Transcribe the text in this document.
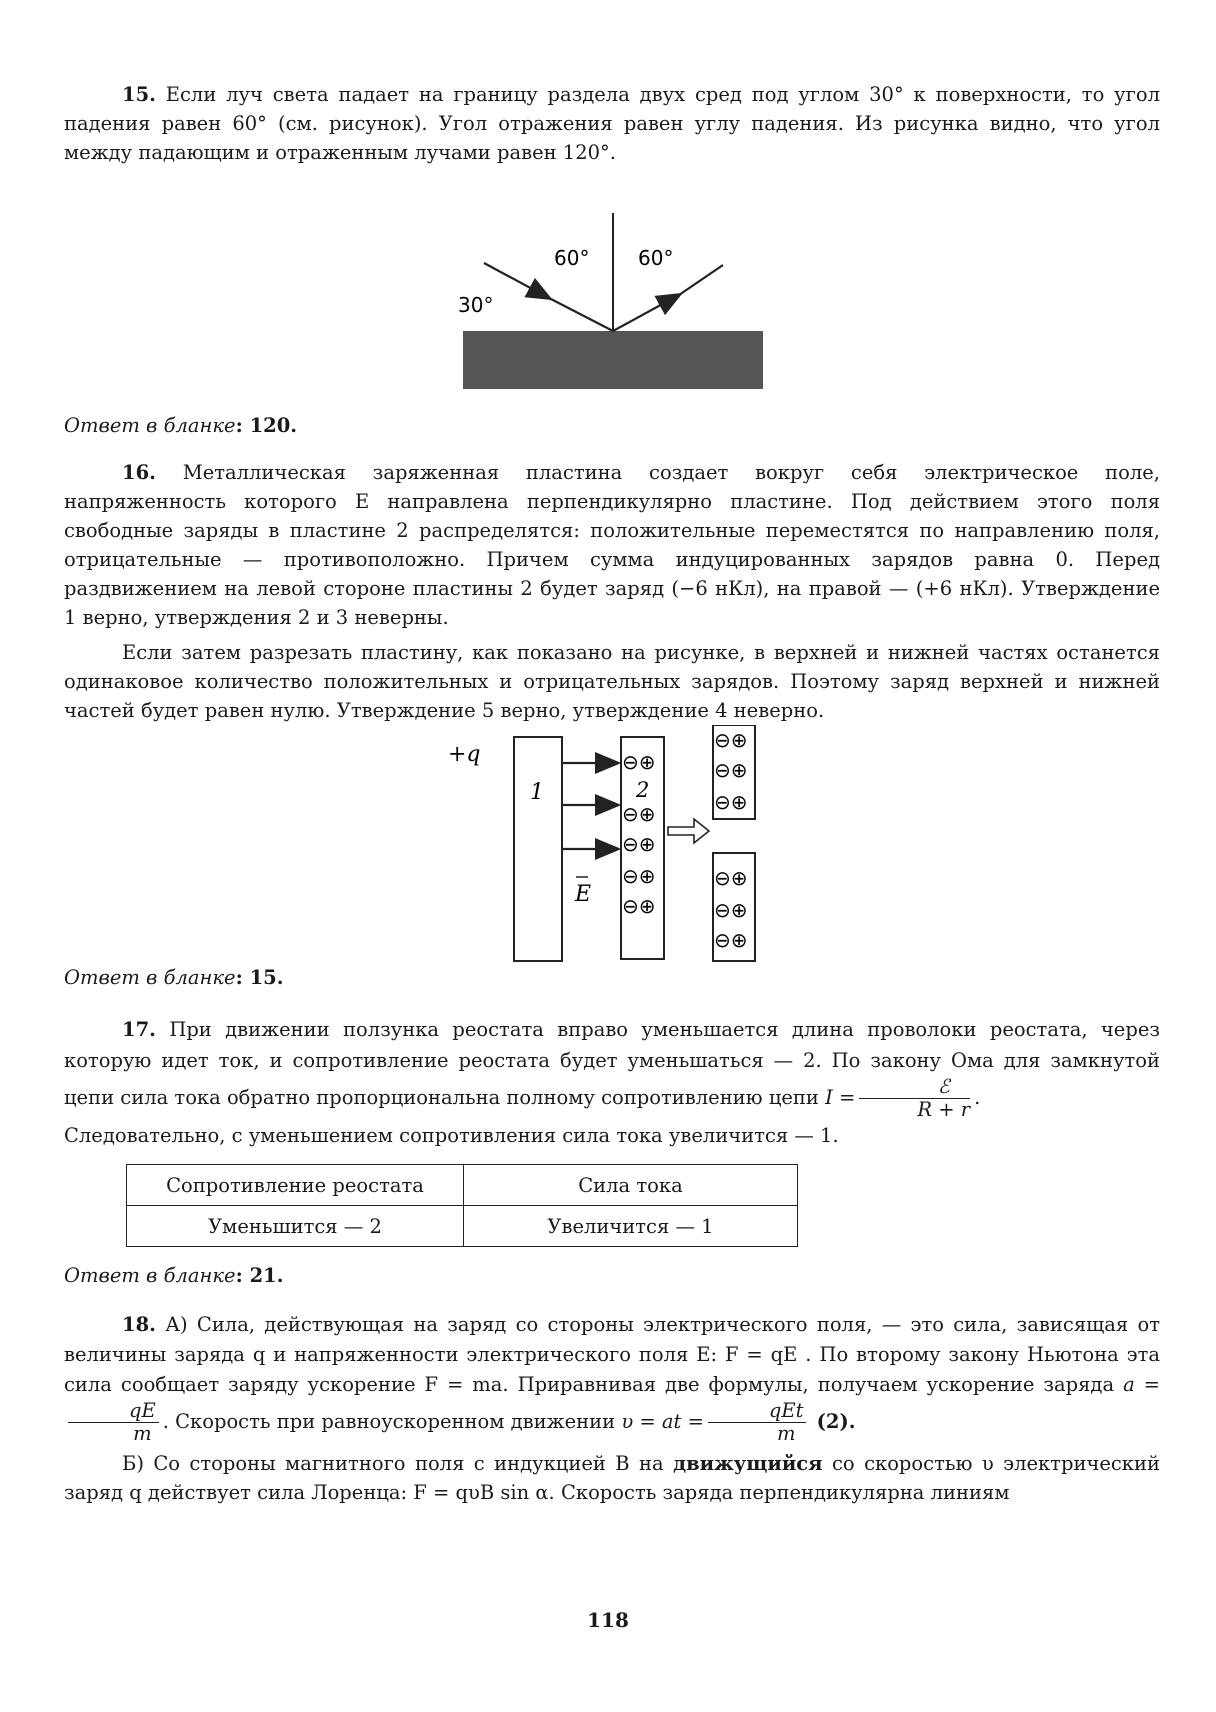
15. Если луч света падает на границу раздела двух сред под углом 30° к поверхности, то угол падения равен 60° (см. рисунок). Угол отражения равен углу падения. Из рисунка видно, что угол между падающим и отраженным лучами равен 120°.

60° 60°
30°

Ответ в бланке: 120.

16. Металлическая заряженная пластина создает вокруг себя электрическое поле, напряженность которого E направлена перпендикулярно пластине. Под действием этого поля свободные заряды в пластине 2 распределятся: положительные переместятся по направлению поля, отрицательные — противоположно. Причем сумма индуцированных зарядов равна 0. Перед раздвижением на левой стороне пластины 2 будет заряд (−6 нКл), на правой — (+6 нКл). Утверждение 1 верно, утверждения 2 и 3 неверны.

Если затем разрезать пластину, как показано на рисунке, в верхней и нижней частях останется одинаковое количество положительных и отрицательных зарядов. Поэтому заряд верхней и нижней частей будет равен нулю. Утверждение 5 верно, утверждение 4 неверно.

+q
1
E
2
⊖⊕
⊖⊕
⊖⊕
⊖⊕
⊖⊕
⊖⊕
⊖⊕
⊖⊕
⊖⊕
⊖⊕
⊖⊕

Ответ в бланке: 15.

17. При движении ползунка реостата вправо уменьшается длина проволоки реостата, через которую идет ток, и сопротивление реостата будет уменьшаться — 2. По закону Ома для замкнутой цепи сила тока обратно пропорциональна полному сопротивлению цепи $I = \frac{\text{ℰ}}{R + r}$ .

Следовательно, с уменьшением сопротивления сила тока увеличится — 1.

Сопротивление реостата	Сила тока
Уменьшится — 2	Увеличится — 1

Ответ в бланке: 21.

18. А) Сила, действующая на заряд со стороны электрического поля, — это сила, зависящая от величины заряда q и напряженности электрического поля E: F = qE . По второму закону Ньютона эта сила сообщает заряду ускорение F = ma. Приравнивая две формулы, получаем ускорение заряда a =
$\frac{qE}{m}$ . Скорость при равноускоренном движении υ = at = $\frac{\text{qEt}}{m} (2)$.

Б) Со стороны магнитного поля с индукцией B на движущийся со скоростью υ электрический заряд q действует сила Лоренца: F = qυB sin α. Скорость заряда перпендикулярна линиям

118
